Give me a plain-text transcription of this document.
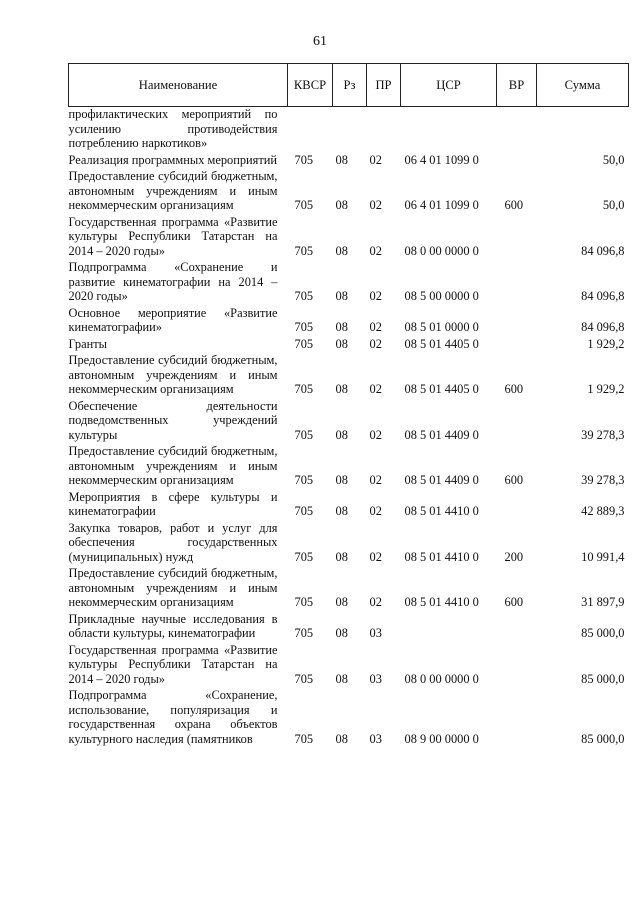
61
Наименование	КВСР	Рз	ПР	ЦСР	ВР	Сумма
профилактических мероприятий по усилению противодействия потреблению наркотиков»						
Реализация программных мероприятий	705	08	02	06 4 01 1099 0		50,0
Предоставление субсидий бюджетным, автономным учреждениям и иным некоммерческим организациям	705	08	02	06 4 01 1099 0	600	50,0
Государственная программа «Развитие культуры Республики Татарстан на 2014 – 2020 годы»	705	08	02	08 0 00 0000 0		84 096,8
Подпрограмма «Сохранение и развитие кинематографии на 2014 – 2020 годы»	705	08	02	08 5 00 0000 0		84 096,8
Основное мероприятие «Развитие кинематографии»	705	08	02	08 5 01 0000 0		84 096,8
Гранты	705	08	02	08 5 01 4405 0		1 929,2
Предоставление субсидий бюджетным, автономным учреждениям и иным некоммерческим организациям	705	08	02	08 5 01 4405 0	600	1 929,2
Обеспечение деятельности подведомственных учреждений культуры	705	08	02	08 5 01 4409 0		39 278,3
Предоставление субсидий бюджетным, автономным учреждениям и иным некоммерческим организациям	705	08	02	08 5 01 4409 0	600	39 278,3
Мероприятия в сфере культуры и кинематографии	705	08	02	08 5 01 4410 0		42 889,3
Закупка товаров, работ и услуг для обеспечения государственных (муниципальных) нужд	705	08	02	08 5 01 4410 0	200	10 991,4
Предоставление субсидий бюджетным, автономным учреждениям и иным некоммерческим организациям	705	08	02	08 5 01 4410 0	600	31 897,9
Прикладные научные исследования в области культуры, кинематографии	705	08	03			85 000,0
Государственная программа «Развитие культуры Республики Татарстан на 2014 – 2020 годы»	705	08	03	08 0 00 0000 0		85 000,0
Подпрограмма «Сохранение, использование, популяризация и государственная охрана объектов культурного наследия (памятников	705	08	03	08 9 00 0000 0		85 000,0
